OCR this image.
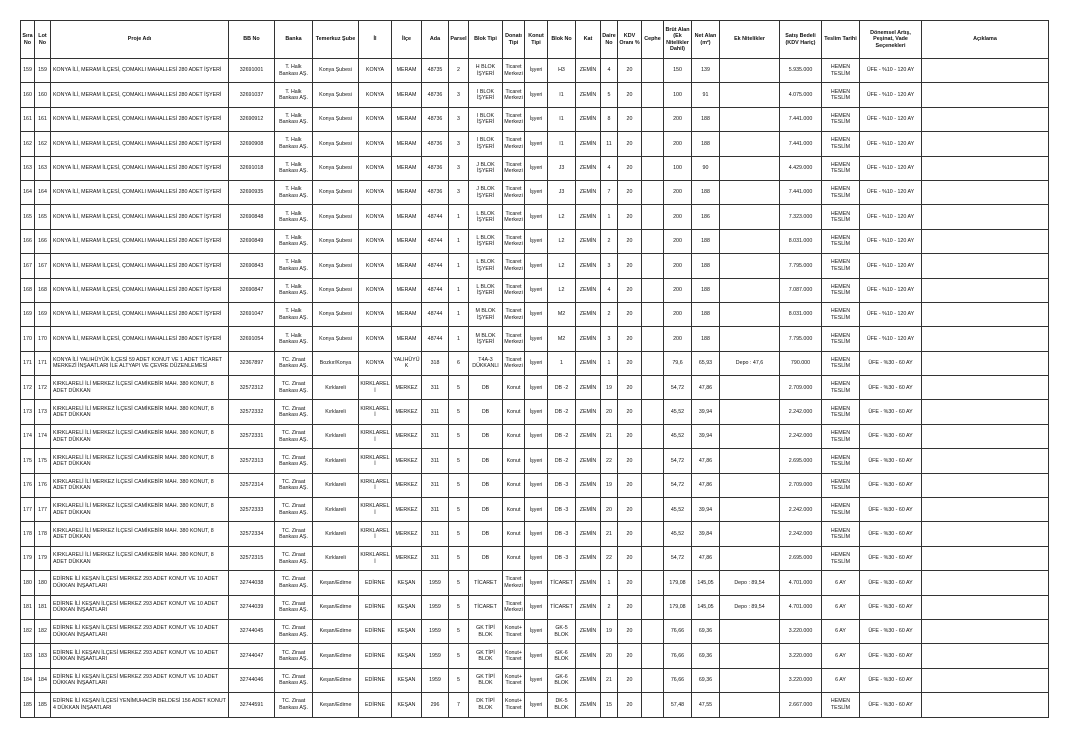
Sıra No	Lot No	Proje Adı	BB No	Banka	Temerkuz Şube	İl	İlçe	Ada	Parsel	Blok Tipi	Donatı Tipi	Konut Tipi	Blok No	Kat	Daire No	KDV Oranı %	Cephe	Brüt Alan (Ek Nitelikler Dahil)	Net Alan (m²)	Ek Nitelikler	Satış Bedeli (KDV Hariç)	Teslim Tarihi	Dönemsel Artış, Peşinat, Vade Seçenekleri	Açıklama
159	159	KONYA İLİ, MERAM İLÇESİ, ÇOMAKLI MAHALLESİ 280 ADET İŞYERİ	32691001	T. Halk Bankası AŞ.	Konya Şubesi	KONYA	MERAM	48735	2	H BLOK İŞYERİ	Ticaret Merkezi	İşyeri	H3	ZEMİN	4	20		150	139		5.935.000	HEMEN TESLİM	ÜFE - %10 - 120 AY	
160	160	KONYA İLİ, MERAM İLÇESİ, ÇOMAKLI MAHALLESİ 280 ADET İŞYERİ	32691037	T. Halk Bankası AŞ.	Konya Şubesi	KONYA	MERAM	48736	3	I BLOK İŞYERİ	Ticaret Merkezi	İşyeri	I1	ZEMİN	5	20		100	91		4.075.000	HEMEN TESLİM	ÜFE - %10 - 120 AY	
161	161	KONYA İLİ, MERAM İLÇESİ, ÇOMAKLI MAHALLESİ 280 ADET İŞYERİ	32690912	T. Halk Bankası AŞ.	Konya Şubesi	KONYA	MERAM	48736	3	I BLOK İŞYERİ	Ticaret Merkezi	İşyeri	I1	ZEMİN	8	20		200	188		7.441.000	HEMEN TESLİM	ÜFE - %10 - 120 AY	
162	162	KONYA İLİ, MERAM İLÇESİ, ÇOMAKLI MAHALLESİ 280 ADET İŞYERİ	32690908	T. Halk Bankası AŞ.	Konya Şubesi	KONYA	MERAM	48736	3	I BLOK İŞYERİ	Ticaret Merkezi	İşyeri	I1	ZEMİN	11	20		200	188		7.441.000	HEMEN TESLİM	ÜFE - %10 - 120 AY	
163	163	KONYA İLİ, MERAM İLÇESİ, ÇOMAKLI MAHALLESİ 280 ADET İŞYERİ	32691018	T. Halk Bankası AŞ.	Konya Şubesi	KONYA	MERAM	48736	3	J BLOK İŞYERİ	Ticaret Merkezi	İşyeri	J3	ZEMİN	4	20		100	90		4.429.000	HEMEN TESLİM	ÜFE - %10 - 120 AY	
164	164	KONYA İLİ, MERAM İLÇESİ, ÇOMAKLI MAHALLESİ 280 ADET İŞYERİ	32690935	T. Halk Bankası AŞ.	Konya Şubesi	KONYA	MERAM	48736	3	J BLOK İŞYERİ	Ticaret Merkezi	İşyeri	J3	ZEMİN	7	20		200	188		7.441.000	HEMEN TESLİM	ÜFE - %10 - 120 AY	
165	165	KONYA İLİ, MERAM İLÇESİ, ÇOMAKLI MAHALLESİ 280 ADET İŞYERİ	32690848	T. Halk Bankası AŞ.	Konya Şubesi	KONYA	MERAM	48744	1	L BLOK İŞYERİ	Ticaret Merkezi	İşyeri	L2	ZEMİN	1	20		200	186		7.323.000	HEMEN TESLİM	ÜFE - %10 - 120 AY	
166	166	KONYA İLİ, MERAM İLÇESİ, ÇOMAKLI MAHALLESİ 280 ADET İŞYERİ	32690849	T. Halk Bankası AŞ.	Konya Şubesi	KONYA	MERAM	48744	1	L BLOK İŞYERİ	Ticaret Merkezi	İşyeri	L2	ZEMİN	2	20		200	188		8.031.000	HEMEN TESLİM	ÜFE - %10 - 120 AY	
167	167	KONYA İLİ, MERAM İLÇESİ, ÇOMAKLI MAHALLESİ 280 ADET İŞYERİ	32690843	T. Halk Bankası AŞ.	Konya Şubesi	KONYA	MERAM	48744	1	L BLOK İŞYERİ	Ticaret Merkezi	İşyeri	L2	ZEMİN	3	20		200	188		7.795.000	HEMEN TESLİM	ÜFE - %10 - 120 AY	
168	168	KONYA İLİ, MERAM İLÇESİ, ÇOMAKLI MAHALLESİ 280 ADET İŞYERİ	32690847	T. Halk Bankası AŞ.	Konya Şubesi	KONYA	MERAM	48744	1	L BLOK İŞYERİ	Ticaret Merkezi	İşyeri	L2	ZEMİN	4	20		200	188		7.087.000	HEMEN TESLİM	ÜFE - %10 - 120 AY	
169	169	KONYA İLİ, MERAM İLÇESİ, ÇOMAKLI MAHALLESİ 280 ADET İŞYERİ	32691047	T. Halk Bankası AŞ.	Konya Şubesi	KONYA	MERAM	48744	1	M BLOK İŞYERİ	Ticaret Merkezi	İşyeri	M2	ZEMİN	2	20		200	188		8.031.000	HEMEN TESLİM	ÜFE - %10 - 120 AY	
170	170	KONYA İLİ, MERAM İLÇESİ, ÇOMAKLI MAHALLESİ 280 ADET İŞYERİ	32691054	T. Halk Bankası AŞ.	Konya Şubesi	KONYA	MERAM	48744	1	M BLOK İŞYERİ	Ticaret Merkezi	İşyeri	M2	ZEMİN	3	20		200	188		7.795.000	HEMEN TESLİM	ÜFE - %10 - 120 AY	
171	171	KONYA İLİ YALIHÜYÜK İLÇESİ 59 ADET KONUT VE 1 ADET TİCARET MERKEZİ İNŞAATLARI İLE ALTYAPI VE ÇEVRE DÜZENLEMESİ	32367897	TC. Ziraat Bankası AŞ.	Bozkır/Konya	KONYA	YALIHÜYÜK	318	6	T4A-3 DÜKKANLI	Ticaret Merkezi	İşyeri	1	ZEMİN	1	20		79,6	65,93	Depo : 47,6	790.000	HEMEN TESLİM	ÜFE - %30 - 60 AY	
172	172	KIRKLARELİ İLİ MERKEZ İLÇESİ CAMİKEBİR MAH. 380 KONUT, 8 ADET DÜKKAN	32572312	TC. Ziraat Bankası AŞ.	Kırklareli	KIRKLARELİ	MERKEZ	311	5	DB	Konut	İşyeri	DB -2	ZEMİN	19	20		54,72	47,86		2.709.000	HEMEN TESLİM	ÜFE - %30 - 60 AY	
173	173	KIRKLARELİ İLİ MERKEZ İLÇESİ CAMİKEBİR MAH. 380 KONUT, 8 ADET DÜKKAN	32572332	TC. Ziraat Bankası AŞ.	Kırklareli	KIRKLARELİ	MERKEZ	311	5	DB	Konut	İşyeri	DB -2	ZEMİN	20	20		45,52	39,94		2.242.000	HEMEN TESLİM	ÜFE - %30 - 60 AY	
174	174	KIRKLARELİ İLİ MERKEZ İLÇESİ CAMİKEBİR MAH. 380 KONUT, 8 ADET DÜKKAN	32572331	TC. Ziraat Bankası AŞ.	Kırklareli	KIRKLARELİ	MERKEZ	311	5	DB	Konut	İşyeri	DB -2	ZEMİN	21	20		45,52	39,94		2.242.000	HEMEN TESLİM	ÜFE - %30 - 60 AY	
175	175	KIRKLARELİ İLİ MERKEZ İLÇESİ CAMİKEBİR MAH. 380 KONUT, 8 ADET DÜKKAN	32572313	TC. Ziraat Bankası AŞ.	Kırklareli	KIRKLARELİ	MERKEZ	311	5	DB	Konut	İşyeri	DB -2	ZEMİN	22	20		54,72	47,86		2.695.000	HEMEN TESLİM	ÜFE - %30 - 60 AY	
176	176	KIRKLARELİ İLİ MERKEZ İLÇESİ CAMİKEBİR MAH. 380 KONUT, 8 ADET DÜKKAN	32572314	TC. Ziraat Bankası AŞ.	Kırklareli	KIRKLARELİ	MERKEZ	311	5	DB	Konut	İşyeri	DB -3	ZEMİN	19	20		54,72	47,86		2.709.000	HEMEN TESLİM	ÜFE - %30 - 60 AY	
177	177	KIRKLARELİ İLİ MERKEZ İLÇESİ CAMİKEBİR MAH. 380 KONUT, 8 ADET DÜKKAN	32572333	TC. Ziraat Bankası AŞ.	Kırklareli	KIRKLARELİ	MERKEZ	311	5	DB	Konut	İşyeri	DB -3	ZEMİN	20	20		45,52	39,94		2.242.000	HEMEN TESLİM	ÜFE - %30 - 60 AY	
178	178	KIRKLARELİ İLİ MERKEZ İLÇESİ CAMİKEBİR MAH. 380 KONUT, 8 ADET DÜKKAN	32572334	TC. Ziraat Bankası AŞ.	Kırklareli	KIRKLARELİ	MERKEZ	311	5	DB	Konut	İşyeri	DB -3	ZEMİN	21	20		45,52	39,84		2.242.000	HEMEN TESLİM	ÜFE - %30 - 60 AY	
179	179	KIRKLARELİ İLİ MERKEZ İLÇESİ CAMİKEBİR MAH. 380 KONUT, 8 ADET DÜKKAN	32572315	TC. Ziraat Bankası AŞ.	Kırklareli	KIRKLARELİ	MERKEZ	311	5	DB	Konut	İşyeri	DB -3	ZEMİN	22	20		54,72	47,86		2.695.000	HEMEN TESLİM	ÜFE - %30 - 60 AY	
180	180	EDİRNE İLİ KEŞAN İLÇESİ MERKEZ 293 ADET KONUT VE 10 ADET DÜKKAN İNŞAATLARI	32744038	TC. Ziraat Bankası AŞ.	Keşan/Edirne	EDİRNE	KEŞAN	1959	5	TİCARET	Ticaret Merkezi	İşyeri	TİCARET	ZEMİN	1	20		179,08	145,05	Depo : 89,54	4.701.000	6 AY	ÜFE - %30 - 60 AY	
181	181	EDİRNE İLİ KEŞAN İLÇESİ MERKEZ 293 ADET KONUT VE 10 ADET DÜKKAN İNŞAATLARI	32744039	TC. Ziraat Bankası AŞ.	Keşan/Edirne	EDİRNE	KEŞAN	1959	5	TİCARET	Ticaret Merkezi	İşyeri	TİCARET	ZEMİN	2	20		179,08	145,05	Depo : 89,54	4.701.000	6 AY	ÜFE - %30 - 60 AY	
182	182	EDİRNE İLİ KEŞAN İLÇESİ MERKEZ 293 ADET KONUT VE 10 ADET DÜKKAN İNŞAATLARI	32744045	TC. Ziraat Bankası AŞ.	Keşan/Edirne	EDİRNE	KEŞAN	1959	5	GK TİPİ BLOK	Konut+ Ticaret	İşyeri	GK-5 BLOK	ZEMİN	19	20		76,66	69,36		3.220.000	6 AY	ÜFE - %30 - 60 AY	
183	183	EDİRNE İLİ KEŞAN İLÇESİ MERKEZ 293 ADET KONUT VE 10 ADET DÜKKAN İNŞAATLARI	32744047	TC. Ziraat Bankası AŞ.	Keşan/Edirne	EDİRNE	KEŞAN	1959	5	GK TİPİ BLOK	Konut+ Ticaret	İşyeri	GK-6 BLOK	ZEMİN	20	20		76,66	69,36		3.220.000	6 AY	ÜFE - %30 - 60 AY	
184	184	EDİRNE İLİ KEŞAN İLÇESİ MERKEZ 293 ADET KONUT VE 10 ADET DÜKKAN İNŞAATLARI	32744046	TC. Ziraat Bankası AŞ.	Keşan/Edirne	EDİRNE	KEŞAN	1959	5	GK TİPİ BLOK	Konut+ Ticaret	İşyeri	GK-6 BLOK	ZEMİN	21	20		76,66	69,36		3.220.000	6 AY	ÜFE - %30 - 60 AY	
185	185	EDİRNE İLİ KEŞAN İLÇESİ YENİMUHACİR BELDESİ 156 ADET KONUT 4 DÜKKAN İNŞAATLARI	32744591	TC. Ziraat Bankası AŞ.	Keşan/Edirne	EDİRNE	KEŞAN	296	7	DK TİPİ BLOK	Konut+ Ticaret	İşyeri	DK-5 BLOK	ZEMİN	15	20		57,48	47,55		2.667.000	HEMEN TESLİM	ÜFE - %30 - 60 AY	
